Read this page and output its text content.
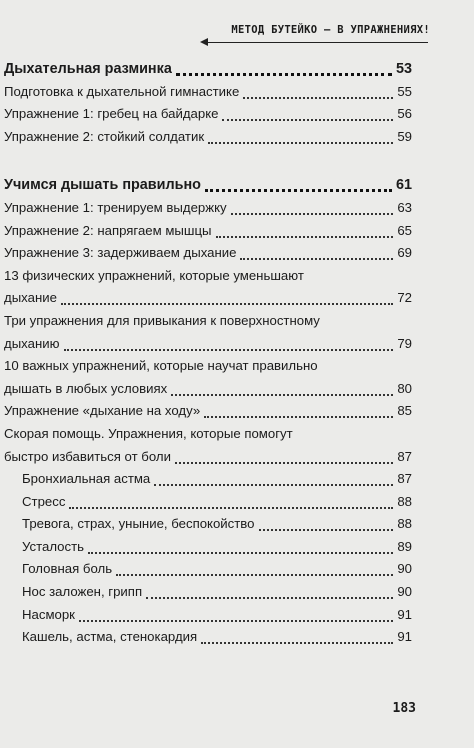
МЕТОД БУТЕЙКО — В УПРАЖНЕНИЯХ!
Дыхательная разминка	53
Подготовка к дыхательной гимнастике	55
Упражнение 1: гребец на байдарке	56
Упражнение 2: стойкий солдатик	59
Учимся дышать правильно	61
Упражнение 1: тренируем выдержку	63
Упражнение 2: напрягаем мышцы	65
Упражнение 3: задерживаем дыхание	69
13 физических упражнений, которые уменьшают
дыхание	72
Три упражнения для привыкания к поверхностному
дыханию	79
10 важных упражнений, которые научат правильно
дышать в любых условиях	80
Упражнение «дыхание на ходу»	85
Скорая помощь. Упражнения, которые помогут
быстро избавиться от боли	87
Бронхиальная астма	87
Стресс	88
Тревога, страх, уныние, беспокойство	88
Усталость	89
Головная боль	90
Нос заложен, грипп	90
Насморк	91
Кашель, астма, стенокардия	91
183
